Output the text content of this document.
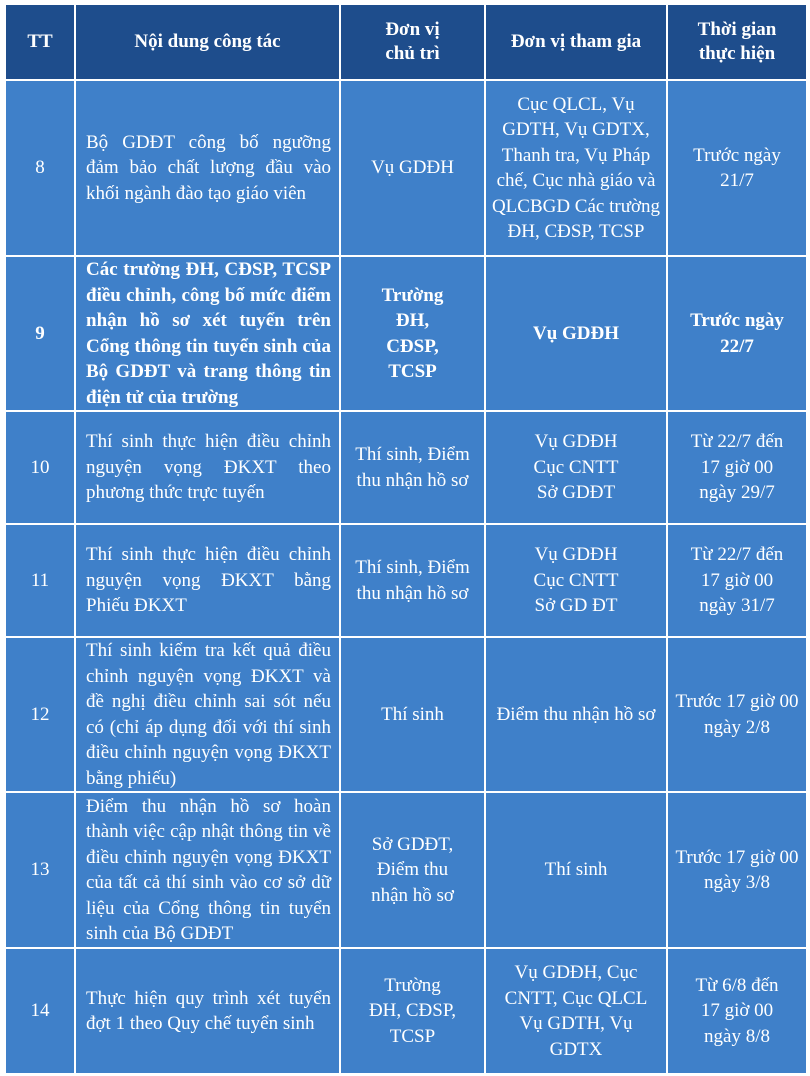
TT	Nội dung công tác	Đơn vị chủ trì	Đơn vị tham gia	Thời gian thực hiện

8	Bộ GDĐT công bố ngưỡng đảm bảo chất lượng đầu vào khối ngành đào tạo giáo viên	Vụ GDĐH	Cục QLCL, Vụ GDTH, Vụ GDTX, Thanh tra, Vụ Pháp chế, Cục nhà giáo và QLCBGD Các trường ĐH, CĐSP, TCSP	Trước ngày 21/7

9	Các trường ĐH, CĐSP, TCSP điều chỉnh, công bố mức điểm nhận hồ sơ xét tuyển trên Cổng thông tin tuyển sinh của Bộ GDĐT và trang thông tin điện tử của trường	Trường ĐH, CĐSP, TCSP	Vụ GDĐH	Trước ngày 22/7

10	Thí sinh thực hiện điều chỉnh nguyện vọng ĐKXT theo phương thức trực tuyến	Thí sinh, Điểm thu nhận hồ sơ	Vụ GDĐH Cục CNTT Sở GDĐT	Từ 22/7 đến 17 giờ 00 ngày 29/7

11	Thí sinh thực hiện điều chỉnh nguyện vọng ĐKXT bằng Phiếu ĐKXT	Thí sinh, Điểm thu nhận hồ sơ	Vụ GDĐH Cục CNTT Sở GD ĐT	Từ 22/7 đến 17 giờ 00 ngày 31/7

12	Thí sinh kiểm tra kết quả điều chỉnh nguyện vọng ĐKXT và đề nghị điều chỉnh sai sót nếu có (chỉ áp dụng đối với thí sinh điều chỉnh nguyện vọng ĐKXT bằng phiếu)	Thí sinh	Điểm thu nhận hồ sơ	Trước 17 giờ 00 ngày 2/8
13	Điểm thu nhận hồ sơ hoàn thành việc cập nhật thông tin về điều chỉnh nguyện vọng ĐKXT của tất cả thí sinh vào cơ sở dữ liệu của Cổng thông tin tuyển sinh của Bộ GDĐT	Sở GDĐT, Điểm thu nhận hồ sơ	Thí sinh	Trước 17 giờ 00 ngày 3/8
14	Thực hiện quy trình xét tuyển đợt 1 theo Quy chế tuyển sinh	Trường ĐH, CĐSP, TCSP	Vụ GDĐH, Cục CNTT, Cục QLCL Vụ GDTH, Vụ GDTX	Từ 6/8 đến 17 giờ 00 ngày 8/8
